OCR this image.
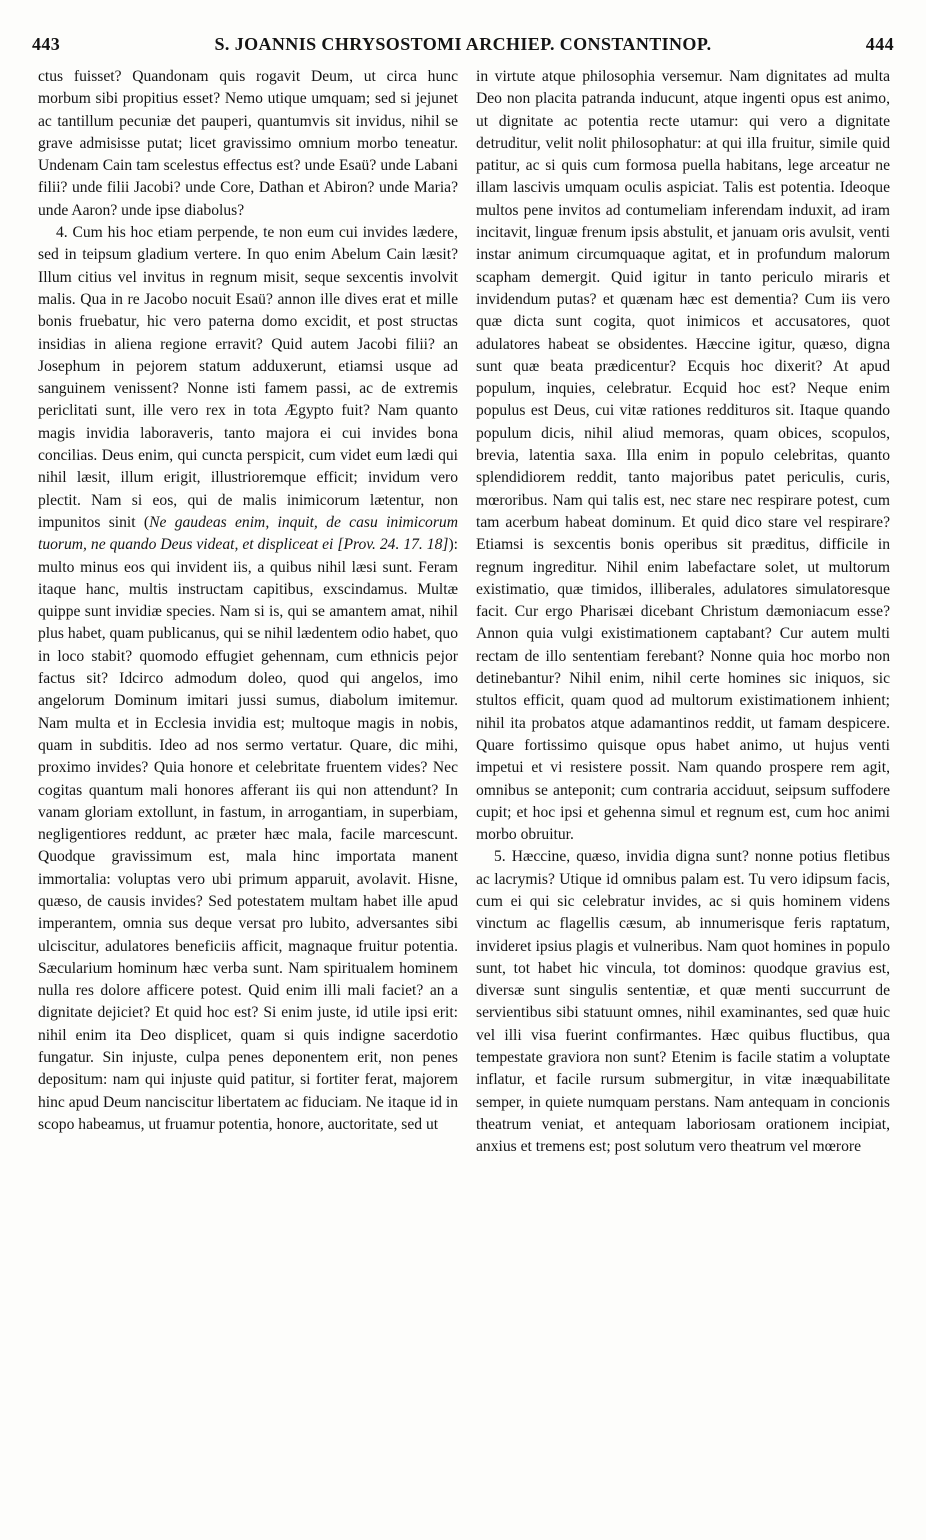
443	S. JOANNIS CHRYSOSTOMI ARCHIEP. CONSTANTINOP.	444

ctus fuisset? Quandonam quis rogavit Deum, ut circa hunc morbum sibi propitius esset? Nemo utique umquam; sed si jejunet ac tantillum pecuniæ det pauperi, quantumvis sit invidus, nihil se grave admisisse putat; licet gravissimo omnium morbo teneatur. Undenam Cain tam scelestus effectus est? unde Esaü? unde Labani filii? unde filii Jacobi? unde Core, Dathan et Abiron? unde Maria? unde Aaron? unde ipse diabolus?

4. Cum his hoc etiam perpende, te non eum cui invides lædere, sed in teipsum gladium vertere. In quo enim Abelum Cain læsit? Illum citius vel invitus in regnum misit, seque sexcentis involvit malis. Qua in re Jacobo nocuit Esaü? annon ille dives erat et mille bonis fruebatur, hic vero paterna domo excidit, et post structas insidias in aliena regione erravit? Quid autem Jacobi filii? an Josephum in pejorem statum adduxerunt, etiamsi usque ad sanguinem venissent? Nonne isti famem passi, ac de extremis periclitati sunt, ille vero rex in tota Ægypto fuit? Nam quanto magis invidia laboraveris, tanto majora ei cui invides bona concilias. Deus enim, qui cuncta perspicit, cum videt eum lædi qui nihil læsit, illum erigit, illustrioremque efficit; invidum vero plectit. Nam si eos, qui de malis inimicorum lætentur, non impunitos sinit (Ne gaudeas enim, inquit, de casu inimicorum tuorum, ne quando Deus videat, et displiceat ei [Prov. 24. 17. 18]): multo minus eos qui invident iis, a quibus nihil læsi sunt. Feram itaque hanc, multis instructam capitibus, exscindamus. Multæ quippe sunt invidiæ species. Nam si is, qui se amantem amat, nihil plus habet, quam publicanus, qui se nihil lædentem odio habet, quo in loco stabit? quomodo effugiet gehennam, cum ethnicis pejor factus sit? Idcirco admodum doleo, quod qui angelos, imo angelorum Dominum imitari jussi sumus, diabolum imitemur. Nam multa et in Ecclesia invidia est; multoque magis in nobis, quam in subditis. Ideo ad nos sermo vertatur. Quare, dic mihi, proximo invides? Quia honore et celebritate fruentem vides? Nec cogitas quantum mali honores afferant iis qui non attendunt? In vanam gloriam extollunt, in fastum, in arrogantiam, in superbiam, negligentiores reddunt, ac præter hæc mala, facile marcescunt. Quodque gravissimum est, mala hinc importata manent immortalia: voluptas vero ubi primum apparuit, avolavit. Hisne, quæso, de causis invides? Sed potestatem multam habet ille apud imperantem, omnia sus deque versat pro lubito, adversantes sibi ulciscitur, adulatores beneficiis afficit, magnaque fruitur potentia. Sæcularium hominum hæc verba sunt. Nam spiritualem hominem nulla res dolore afficere potest. Quid enim illi mali faciet? an a dignitate dejiciet? Et quid hoc est? Si enim juste, id utile ipsi erit: nihil enim ita Deo displicet, quam si quis indigne sacerdotio fungatur. Sin injuste, culpa penes deponentem erit, non penes depositum: nam qui injuste quid patitur, si fortiter ferat, majorem hinc apud Deum nanciscitur libertatem ac fiduciam. Ne itaque id in scopo habeamus, ut fruamur potentia, honore, auctoritate, sed ut

in virtute atque philosophia versemur. Nam dignitates ad multa Deo non placita patranda inducunt, atque ingenti opus est animo, ut dignitate ac potentia recte utamur: qui vero a dignitate detruditur, velit nolit philosophatur: at qui illa fruitur, simile quid patitur, ac si quis cum formosa puella habitans, lege arceatur ne illam lascivis umquam oculis aspiciat. Talis est potentia. Ideoque multos pene invitos ad contumeliam inferendam induxit, ad iram incitavit, linguæ frenum ipsis abstulit, et januam oris avulsit, venti instar animum circumquaque agitat, et in profundum malorum scapham demergit. Quid igitur in tanto periculo miraris et invidendum putas? et quænam hæc est dementia? Cum iis vero quæ dicta sunt cogita, quot inimicos et accusatores, quot adulatores habeat se obsidentes. Hæccine igitur, quæso, digna sunt quæ beata prædicentur? Ecquis hoc dixerit? At apud populum, inquies, celebratur. Ecquid hoc est? Neque enim populus est Deus, cui vitæ rationes reddituros sit. Itaque quando populum dicis, nihil aliud memoras, quam obices, scopulos, brevia, latentia saxa. Illa enim in populo celebritas, quanto splendidiorem reddit, tanto majoribus patet periculis, curis, mœroribus. Nam qui talis est, nec stare nec respirare potest, cum tam acerbum habeat dominum. Et quid dico stare vel respirare? Etiamsi is sexcentis bonis operibus sit præditus, difficile in regnum ingreditur. Nihil enim labefactare solet, ut multorum existimatio, quæ timidos, illiberales, adulatores simulatoresque facit. Cur ergo Pharisæi dicebant Christum dæmoniacum esse? Annon quia vulgi existimationem captabant? Cur autem multi rectam de illo sententiam ferebant? Nonne quia hoc morbo non detinebantur? Nihil enim, nihil certe homines sic iniquos, sic stultos efficit, quam quod ad multorum existimationem inhient; nihil ita probatos atque adamantinos reddit, ut famam despicere. Quare fortissimo quisque opus habet animo, ut hujus venti impetui et vi resistere possit. Nam quando prospere rem agit, omnibus se anteponit; cum contraria acciduut, seipsum suffodere cupit; et hoc ipsi et gehenna simul et regnum est, cum hoc animi morbo obruitur.

5. Hæccine, quæso, invidia digna sunt? nonne potius fletibus ac lacrymis? Utique id omnibus palam est. Tu vero idipsum facis, cum ei qui sic celebratur invides, ac si quis hominem videns vinctum ac flagellis cæsum, ab innumerisque feris raptatum, invideret ipsius plagis et vulneribus. Nam quot homines in populo sunt, tot habet hic vincula, tot dominos: quodque gravius est, diversæ sunt singulis sententiæ, et quæ menti succurrunt de servientibus sibi statuunt omnes, nihil examinantes, sed quæ huic vel illi visa fuerint confirmantes. Hæc quibus fluctibus, qua tempestate graviora non sunt? Etenim is facile statim a voluptate inflatur, et facile rursum submergitur, in vitæ inæquabilitate semper, in quiete numquam perstans. Nam antequam in concionis theatrum veniat, et antequam laboriosam orationem incipiat, anxius et tremens est; post solutum vero theatrum vel mœrore
